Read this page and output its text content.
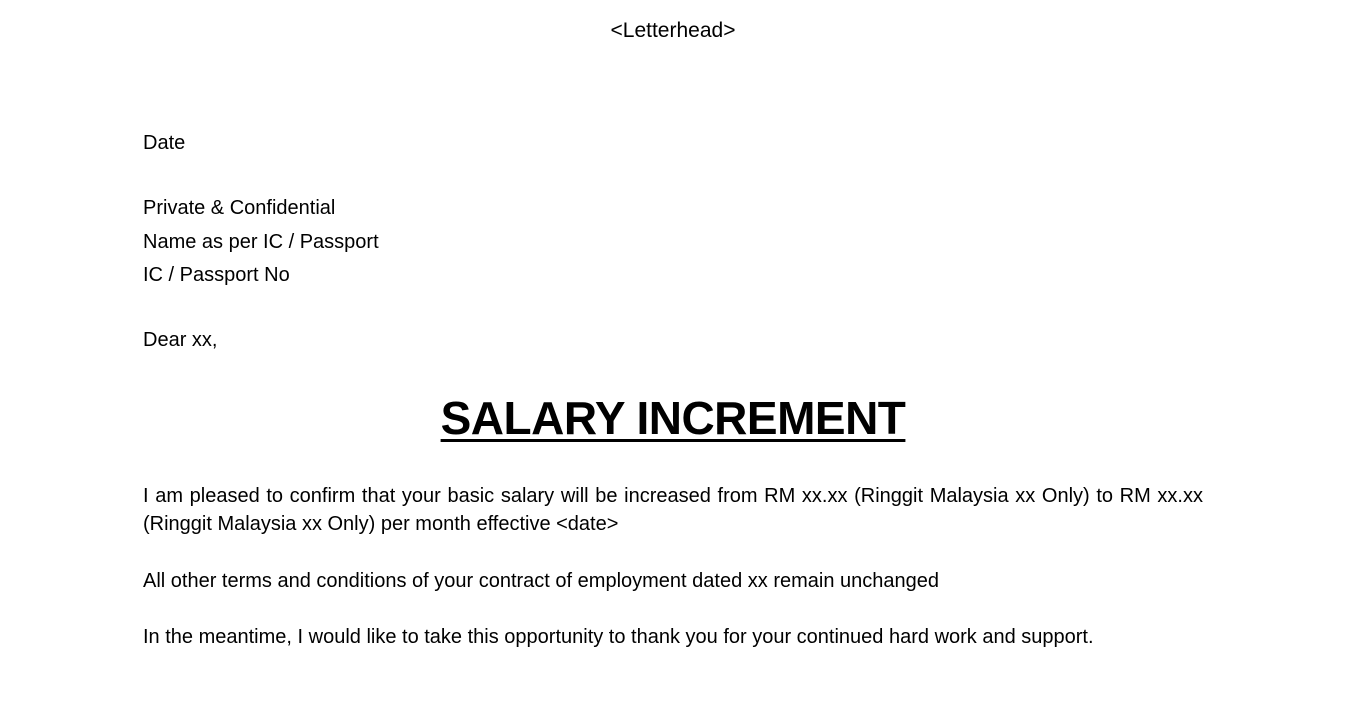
<Letterhead>
Date
Private & Confidential
Name as per IC / Passport
IC / Passport No
Dear xx,
SALARY INCREMENT
I am pleased to confirm that your basic salary will be increased from RM xx.xx (Ringgit Malaysia xx Only) to RM xx.xx (Ringgit Malaysia xx Only) per month effective <date>
All other terms and conditions of your contract of employment dated xx remain unchanged
In the meantime, I would like to take this opportunity to thank you for your continued hard work and support.
